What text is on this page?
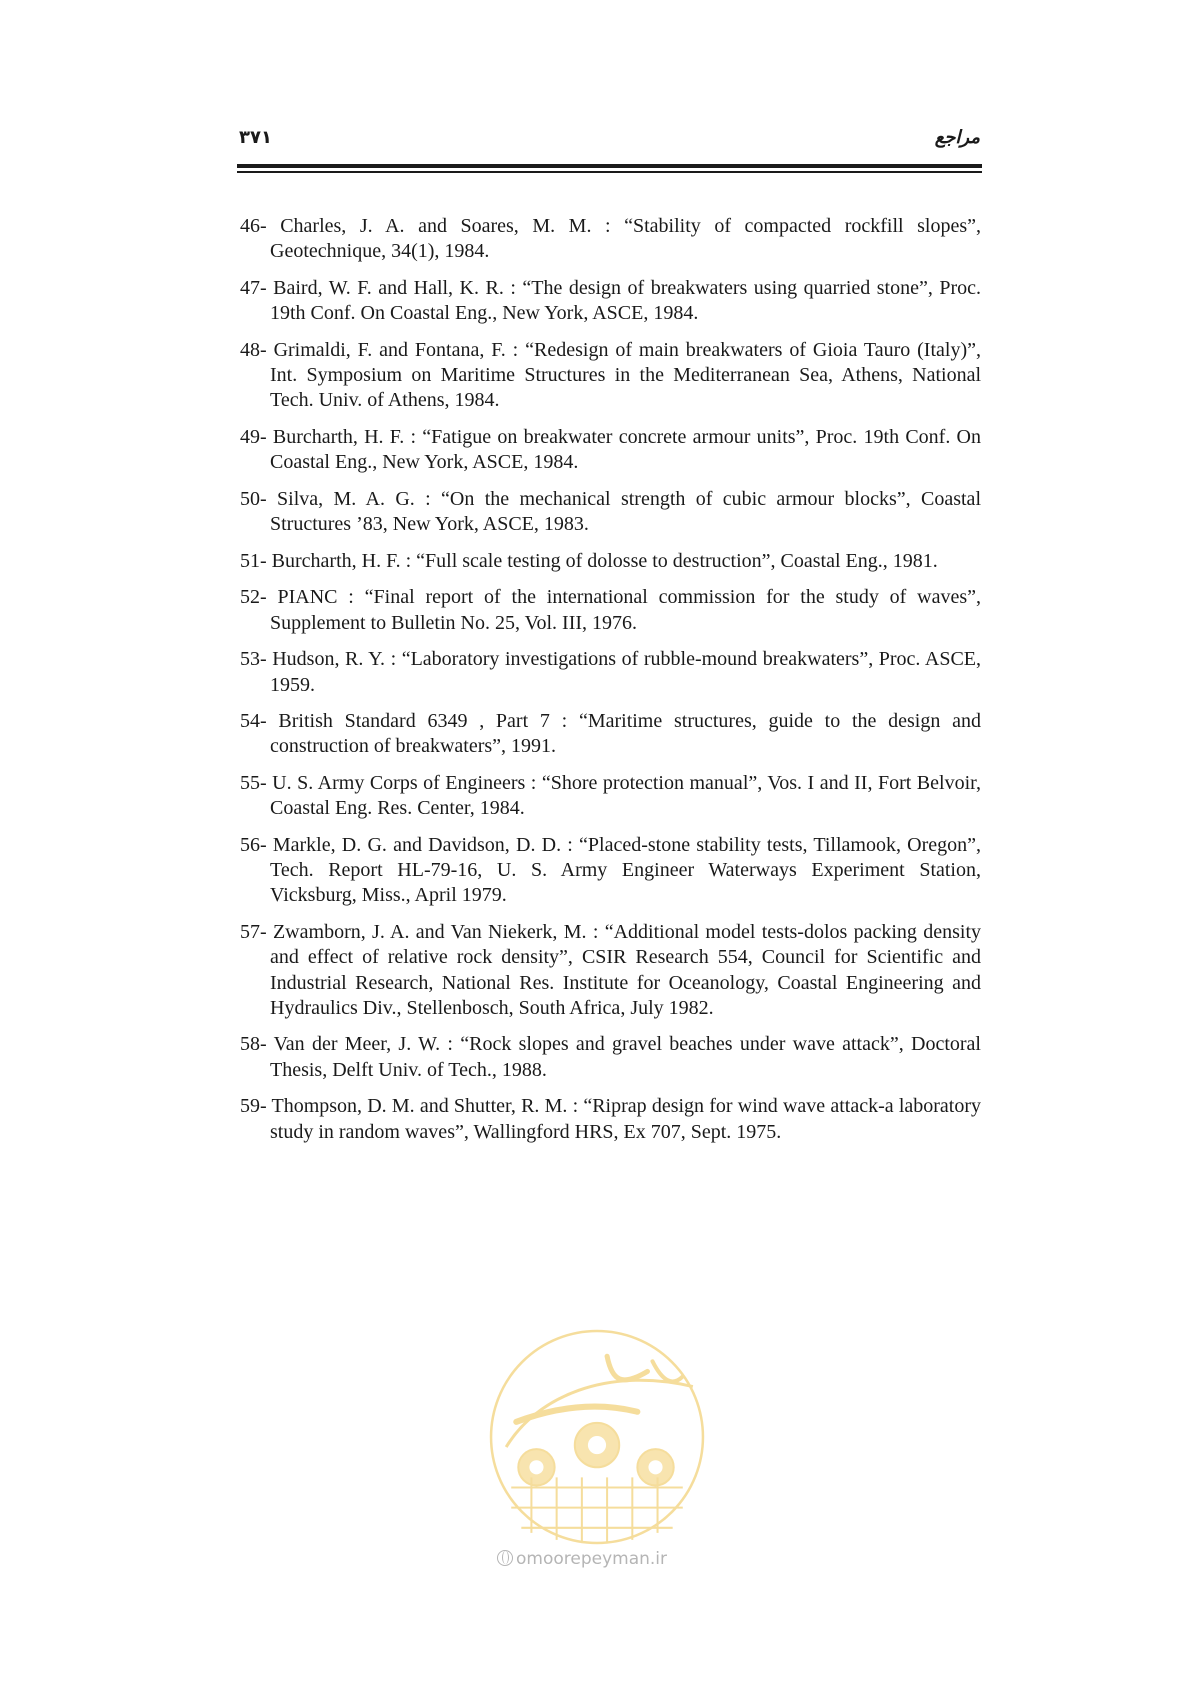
۳۷۱	مراجع
46- Charles, J. A. and Soares, M. M. : “Stability of compacted rockfill slopes”, Geotechnique, 34(1), 1984.
47- Baird, W. F. and Hall, K. R. : “The design of breakwaters using quarried stone”, Proc. 19th Conf. On Coastal Eng., New York, ASCE, 1984.
48- Grimaldi, F. and Fontana, F. : “Redesign of main breakwaters of Gioia Tauro (Italy)”, Int. Symposium on Maritime Structures in the Mediterranean Sea, Athens, National Tech. Univ. of Athens, 1984.
49- Burcharth, H. F. : “Fatigue on breakwater concrete armour units”, Proc. 19th Conf. On Coastal Eng., New York, ASCE, 1984.
50- Silva, M. A. G. : “On the mechanical strength of cubic armour blocks”, Coastal Structures ’83, New York, ASCE, 1983.
51- Burcharth, H. F. : “Full scale testing of dolosse to destruction”, Coastal Eng., 1981.
52- PIANC : “Final report of the international commission for the study of waves”, Supplement to Bulletin No. 25, Vol. III, 1976.
53- Hudson, R. Y. : “Laboratory investigations of rubble-mound breakwaters”, Proc. ASCE, 1959.
54- British Standard 6349 , Part 7 : “Maritime structures, guide to the design and construction of breakwaters”, 1991.
55- U. S. Army Corps of Engineers : “Shore protection manual”, Vos. I and II, Fort Belvoir, Coastal Eng. Res. Center, 1984.
56- Markle, D. G. and Davidson, D. D. : “Placed-stone stability tests, Tillamook, Oregon”, Tech. Report HL-79-16, U. S. Army Engineer Waterways Experiment Station, Vicksburg, Miss., April 1979.
57- Zwamborn, J. A. and Van Niekerk, M. : “Additional model tests-dolos packing density and effect of relative rock density”, CSIR Research 554, Council for Scientific and Industrial Research, National Res. Institute for Oceanology, Coastal Engineering and Hydraulics Div., Stellenbosch, South Africa, July 1982.
58- Van der Meer, J. W. : “Rock slopes and gravel beaches under wave attack”, Doctoral Thesis, Delft Univ. of Tech., 1988.
59- Thompson, D. M. and Shutter, R. M. : “Riprap design for wind wave attack-a laboratory study in random waves”, Wallingford HRS, Ex 707, Sept. 1975.
omoorepeyman.ir
